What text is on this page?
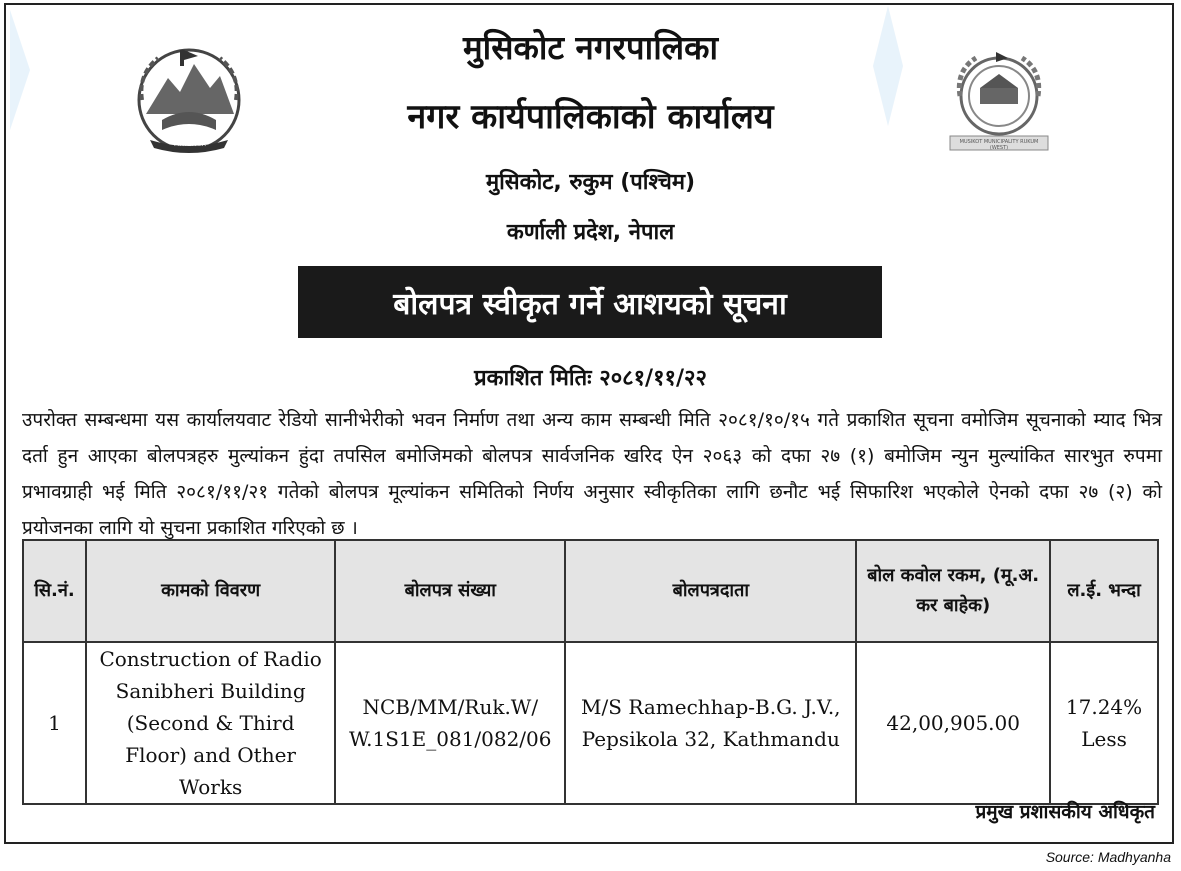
नेपाल सरकार	MUSIKOT MUNICIPALITY RUKUM (WEST)
मुसिकोट नगरपालिका
नगर कार्यपालिकाको कार्यालय
मुसिकोट, रुकुम (पश्चिम)
कर्णाली प्रदेश, नेपाल
बोलपत्र स्वीकृत गर्ने आशयको सूचना
प्रकाशित मितिः २०८१/११/२२
उपरोक्त सम्बन्धमा यस कार्यालयवाट रेडियो सानीभेरीको भवन निर्माण तथा अन्य काम सम्बन्धी मिति २०८१/१०/१५ गते प्रकाशित सूचना वमोजिम सूचनाको म्याद भित्र दर्ता हुन आएका बोलपत्रहरु मुल्यांकन हुंदा तपसिल बमोजिमको बोलपत्र सार्वजनिक खरिद ऐन २०६३ को दफा २७ (१) बमोजिम न्युन मुल्यांकित सारभुत रुपमा प्रभावग्राही भई मिति २०८१/११/२१ गतेको बोलपत्र मूल्यांकन समितिको निर्णय अनुसार स्वीकृतिका लागि छनौट भई सिफारिश भएकोले ऐनको दफा २७ (२) को प्रयोजनका लागि यो सुचना प्रकाशित गरिएको छ ।
सि.नं.	कामको विवरण	बोलपत्र संख्या	बोलपत्रदाता	बोल कवोल रकम, (मू.अ. कर बाहेक)	ल.ई. भन्दा
1	Construction of Radio Sanibheri Building (Second & Third Floor) and Other Works	NCB/MM/Ruk.W/ W.1S1E_081/082/06	M/S Ramechhap-B.G. J.V., Pepsikola 32, Kathmandu	42,00,905.00	17.24% Less
प्रमुख प्रशासकीय अधिकृत
Source: Madhyanha
